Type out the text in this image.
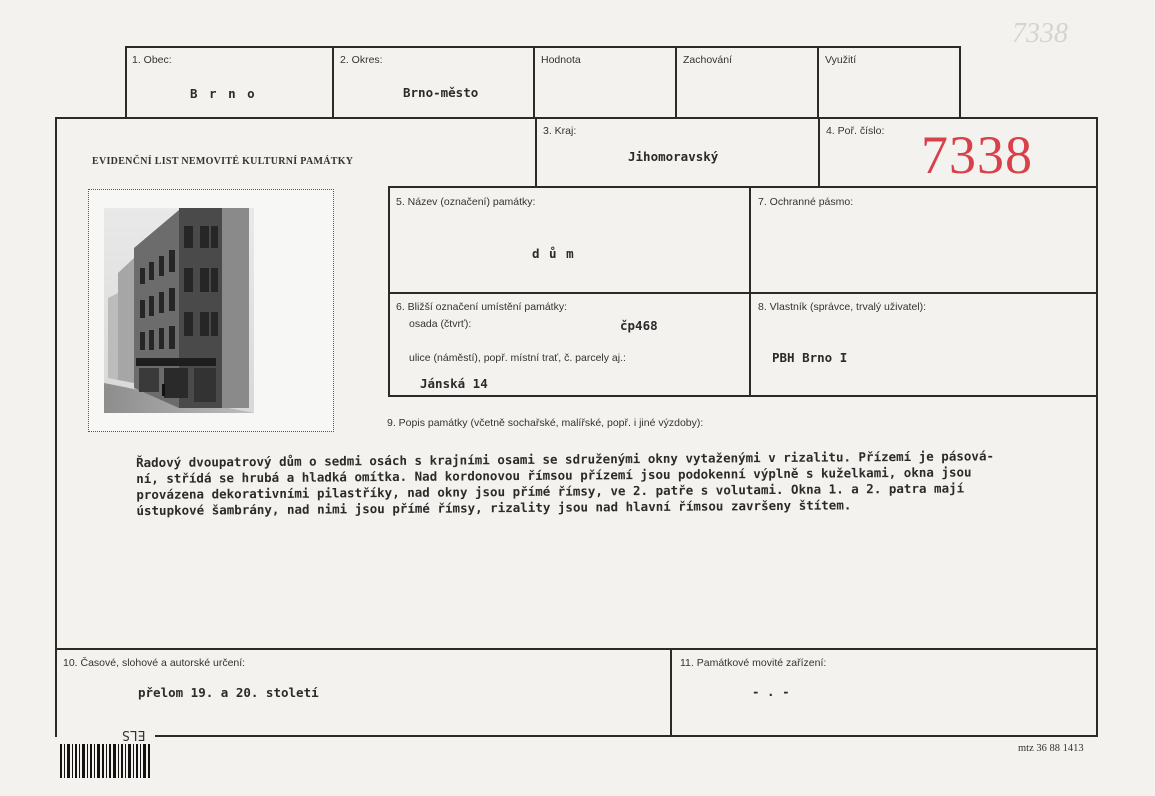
7338
1. Obec:
B r n o
2. Okres:
Brno-město
Hodnota	Zachování	Využití
EVIDENČNÍ LIST NEMOVITÉ KULTURNÍ PAMÁTKY
3. Kraj:
Jihomoravský
4. Poř. číslo: 7338
5. Název (označení) památky:
d ů m
7. Ochranné pásmo:
6. Bližší označení umístění památky:
osada (čtvrť):	čp468
ulice (náměstí), popř. místní trať, č. parcely aj.:
Jánská 14
8. Vlastník (správce, trvalý uživatel):
PBH Brno I
9. Popis památky (včetně sochařské, malířské, popř. i jiné výzdoby):
Řadový dvoupatrový dům o sedmi osách s krajními osami se sdruženými okny vytaženými v rizalitu. Přízemí je pásová-
ní, střídá se hrubá a hladká omítka. Nad kordonovou římsou přízemí jsou podokenní výplně s kuželkami, okna jsou
provázena dekorativními pilastříky, nad okny jsou přímé římsy, ve 2. patře s volutami. Okna 1. a 2. patra mají
ústupkové šambrány, nad nimi jsou přímé římsy, rizality jsou nad hlavní římsou završeny štítem.
10. Časové, slohové a autorské určení:
přelom 19. a 20. století
11. Památkové movité zařízení:
- . -
ELS
mtz 36 88 1413
